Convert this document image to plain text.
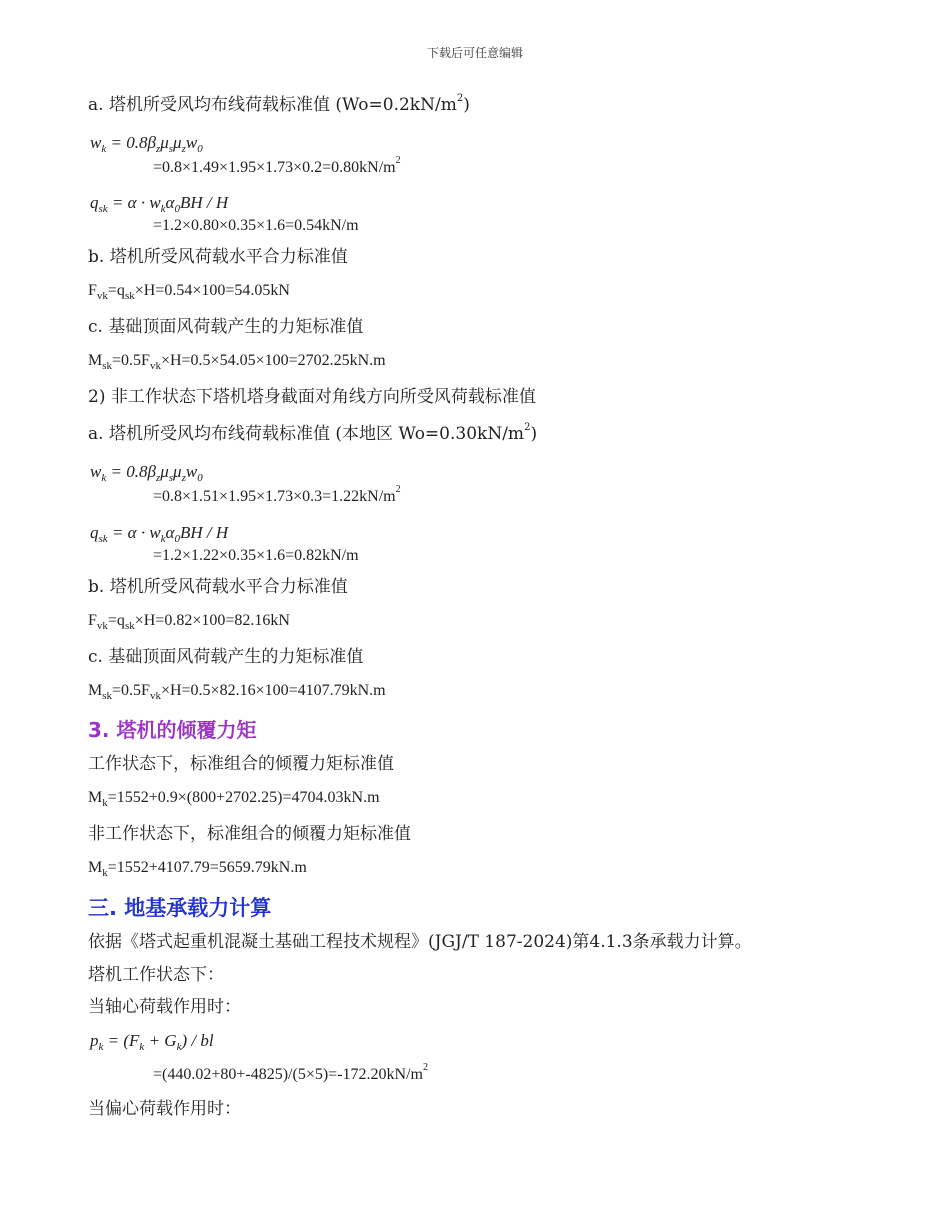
下载后可任意编辑
a. 塔机所受风均布线荷载标准值 $(Wo=0.2kN/m^2)$
$w_k = 0.8\beta_z\mu_s\mu_zw_0$
$=0.8\times 1.49\times 1.95\times 1.73\times 0.2=0.80kN/m^2$
$q_{sk} = \alpha \cdot w_k\alpha_0BH / H$
=1.2×0.80×0.35×1.6=0.54kN/m
b. 塔机所受风荷载水平合力标准值
$F_{vk}=q_{sk}\times H=0.54\times 100=54.05kN$
c. 基础顶面风荷载产生的力矩标准值
$M_{sk}=0.5F_{vk}\times H=0.5\times 54.05\times 100=2702.25kN.m$
2) 非工作状态下塔机塔身截面对角线方向所受风荷载标准值
a. 塔机所受风均布线荷载标准值 (本地区 $Wo=0.30kN/m^2$)
$w_k = 0.8\beta_z\mu_s\mu_zw_0$
$=0.8\times 1.51\times 1.95\times 1.73\times 0.3=1.22kN/m^2$
$q_{sk} = \alpha \cdot w_k\alpha_0BH / H$
=1.2×1.22×0.35×1.6=0.82kN/m
b. 塔机所受风荷载水平合力标准值
$F_{vk}=q_{sk}\times H=0.82\times 100=82.16kN$
c. 基础顶面风荷载产生的力矩标准值
$M_{sk}=0.5F_{vk}\times H=0.5\times 82.16\times 100=4107.79kN.m$
3. 塔机的倾覆力矩
工作状态下，标准组合的倾覆力矩标准值
$M_k=1552+0.9\times(800+2702.25)=4704.03kN.m$
非工作状态下，标准组合的倾覆力矩标准值
$M_k=1552+4107.79=5659.79kN.m$
三. 地基承载力计算
依据《塔式起重机混凝土基础工程技术规程》(JGJ/T 187-2024)第4.1.3条承载力计算。
塔机工作状态下：
当轴心荷载作用时：
$p_k = (F_k + G_k)$ / bl
$=(440.02+80+-4825)/(5\times 5)=-172.20kN/m^2$
当偏心荷载作用时：
